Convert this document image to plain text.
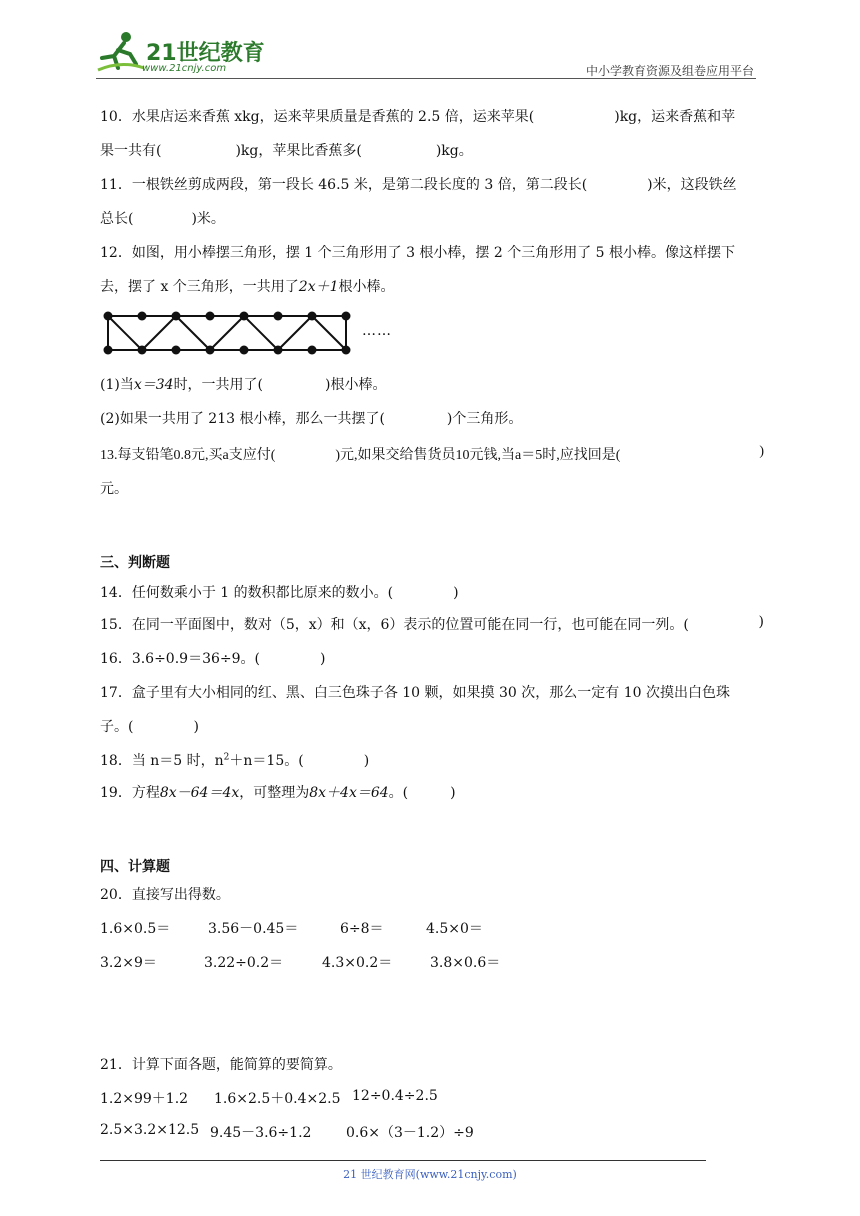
21世纪教育
www.21cnjy.com	中小学教育资源及组卷应用平台
10．水果店运来香蕉 xkg，运来苹果质量是香蕉的 2.5 倍，运来苹果(	)kg，运来香蕉和苹
果一共有(	)kg，苹果比香蕉多(	)kg。
11．一根铁丝剪成两段，第一段长 46.5 米，是第二段长度的 3 倍，第二段长(	)米，这段铁丝
总长(	)米。
12．如图，用小棒摆三角形，摆 1 个三角形用了 3 根小棒，摆 2 个三角形用了 5 根小棒。像这样摆下
去，摆了 x 个三角形，一共用了2x＋1根小棒。
(1)当x＝34时，一共用了(	)根小棒。
(2)如果一共用了 213 根小棒，那么一共摆了(	)个三角形。
13.每支铅笔0.8元,买a支应付(	)元,如果交给售货员10元钱,当a＝5时,应找回是(	)
元。
三、判断题
14．任何数乘小于 1 的数积都比原来的数小。(	)
15．在同一平面图中，数对（5，x）和（x，6）表示的位置可能在同一行，也可能在同一列。(	)
16．3.6÷0.9＝36÷9。(	)
17．盒子里有大小相同的红、黑、白三色珠子各 10 颗，如果摸 30 次，那么一定有 10 次摸出白色珠
子。(	)
18．当 n＝5 时，$n^2+n=15$。(	)
19．方程8x－64＝4x，可整理为8x＋4x＝64。(	)
四、计算题
20．直接写出得数。
1.6×0.5＝	3.56－0.45＝	6÷8＝	4.5×0＝
3.2×9＝	3.22÷0.2＝	4.3×0.2＝	3.8×0.6＝
21．计算下面各题，能简算的要简算。
1.2×99＋1.2 1.6×2.5＋0.4×2.5 12÷0.4÷2.5
2.5×3.2×12.5 9.45－3.6÷1.2 0.6×（3－1.2）÷9
……
21 世纪教育网(www.21cnjy.com)
